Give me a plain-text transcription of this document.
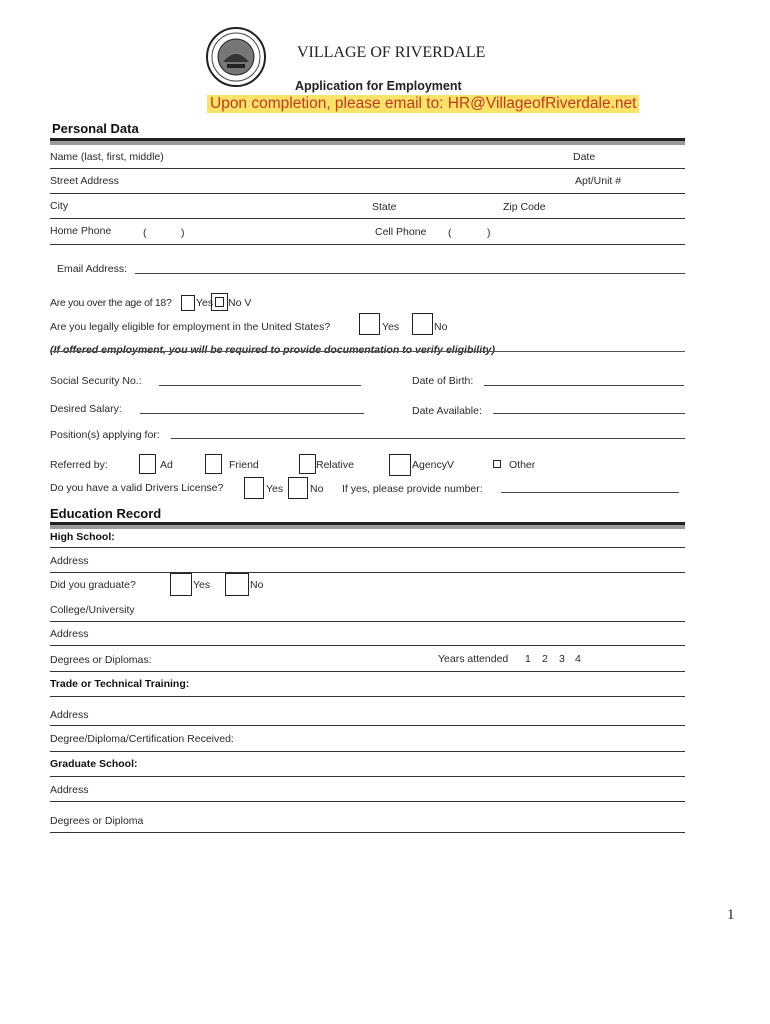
VILLAGE OF RIVERDALE
Application for Employment
Upon completion, please email to: HR@VillageofRiverdale.net
Personal Data
Name (last, first, middle)	Date
Street Address	Apt/Unit #
City	State	Zip Code
Home Phone	(	)	Cell Phone (	)
Email Address:
Are you over the age of 18? Yes No V
Are you legally eligible for employment in the United States?	Yes	No
(If offered employment, you will be required to provide documentation to verify eligibility)
Social Security No.:	Date of Birth:
Desired Salary:	Date Available:
Position(s) applying for:
Referred by:	Ad	Friend	Relative	AgencyV	Other
Do you have a valid Drivers License?	Yes	No If yes, please provide number:
Education Record
High School:
Address
Did you graduate?	Yes	No
College/University
Address
Degrees or Diplomas:	Years attended 1 2 3 4
Trade or Technical Training:
Address
Degree/Diploma/Certification Received:
Graduate School:
Address
Degrees or Diploma
1
